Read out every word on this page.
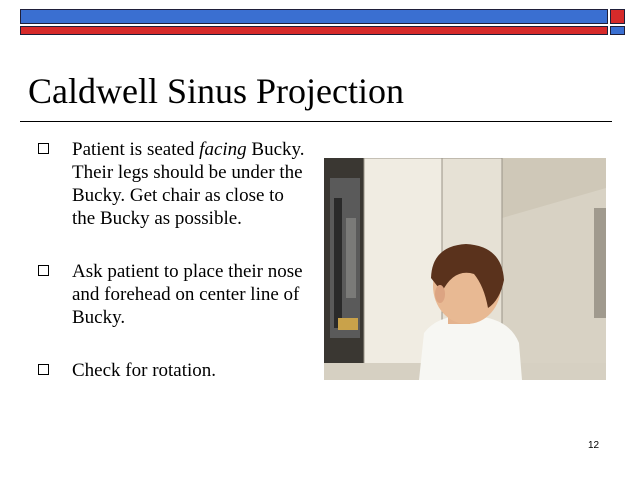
Caldwell Sinus Projection
Patient is seated facing Bucky. Their legs should be under the Bucky. Get chair as close to the Bucky as possible.
Ask patient to place their nose and forehead on center line of Bucky.
Check for rotation.
12
